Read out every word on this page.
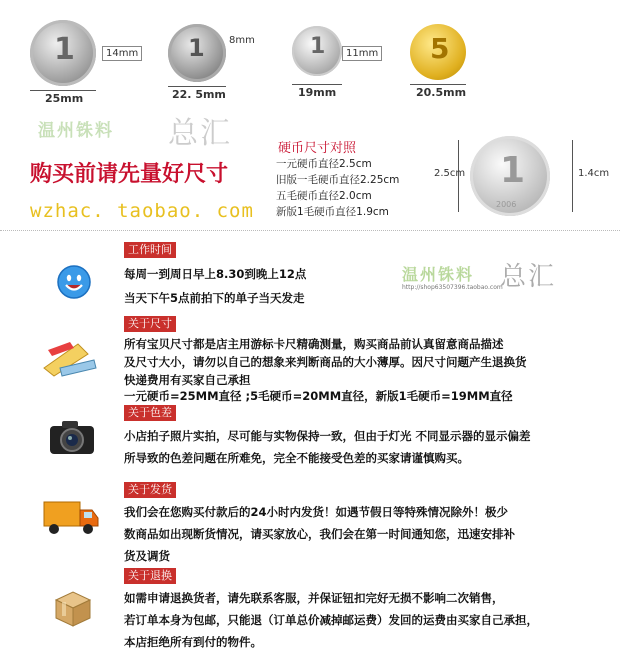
1
25mm
14mm 1
22. 5mm
8mm	1
19mm
11mm 5
20.5mm
温州铢料 总汇
购买前请先量好尺寸
wzhac. taobao. com
硬币尺寸对照
一元硬币直径2.5cm
旧版一毛硬币直径2.25cm
五毛硬币直径2.0cm
新版1毛硬币直径1.9cm
2.5cm 1
2006
1.4cm
温州铢料 总汇
http://shop63507396.taobao.com
工作时间
每周一到周日早上8.30到晚上12点
当天下午5点前拍下的单子当天发走
关于尺寸
所有宝贝尺寸都是店主用游标卡尺精确测量，购买商品前认真留意商品描述
及尺寸大小，请勿以自己的想象来判断商品的大小薄厚。因尺寸问题产生退换货
快递费用有买家自己承担
一元硬币=25MM直径 ;5毛硬币=20MM直径，新版1毛硬币=19MM直径
关于色差
小店拍子照片实拍，尽可能与实物保持一致，但由于灯光 不同显示器的显示偏差
所导致的色差问题在所难免，完全不能接受色差的买家请谨慎购买。
关于发货
我们会在您购买付款后的24小时内发货！如遇节假日等特殊情况除外！极少
数商品如出现断货情况，请买家放心，我们会在第一时间通知您，迅速安排补
货及调货
关于退换
如需申请退换货者，请先联系客服，并保证钮扣完好无损不影响二次销售，
若订单本身为包邮，只能退（订单总价减掉邮运费）发回的运费由买家自己承担，
本店拒绝所有到付的物件。
